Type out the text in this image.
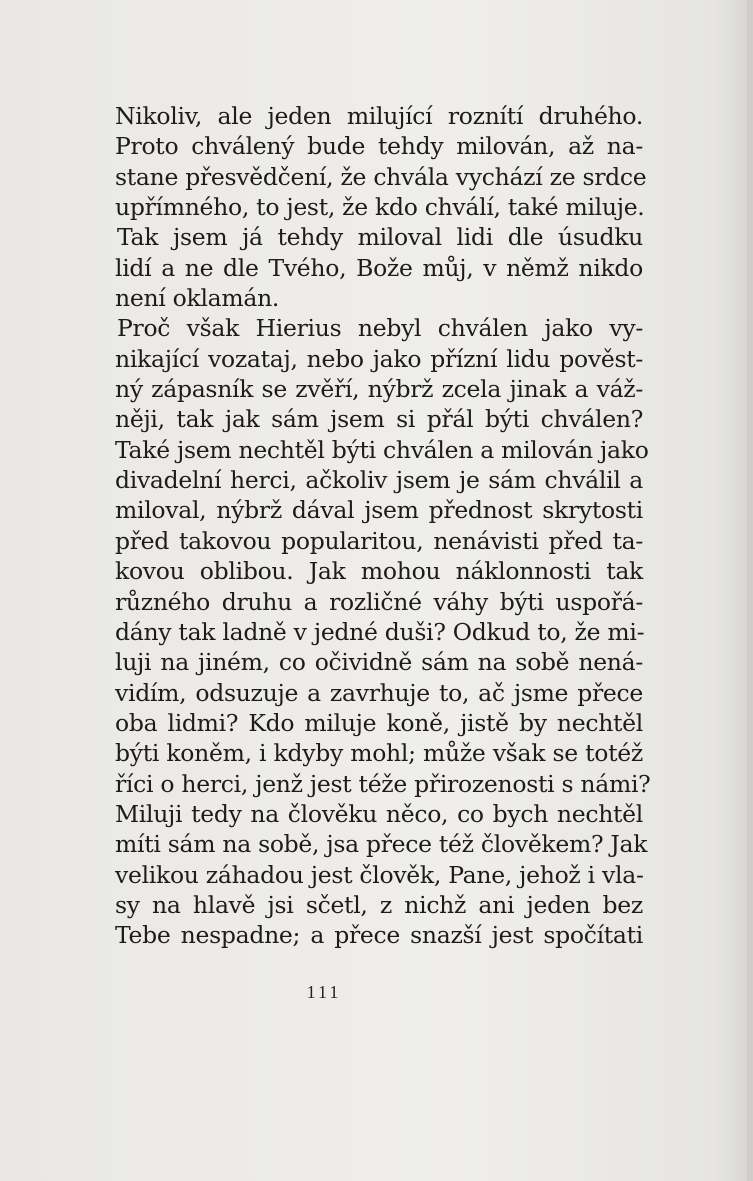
Nikoliv, ale jeden milující roznítí druhého.
Proto chválený bude tehdy milován, až na-
stane přesvědčení, že chvála vychází ze srdce
upřímného, to jest, že kdo chválí, také miluje.
Tak jsem já tehdy miloval lidi dle úsudku
lidí a ne dle Tvého, Bože můj, v němž nikdo
není oklamán.
Proč však Hierius nebyl chválen jako vy-
nikající vozataj, nebo jako přízní lidu pověst-
ný zápasník se zvěří, nýbrž zcela jinak a váž-
něji, tak jak sám jsem si přál býti chválen?
Také jsem nechtěl býti chválen a milován jako
divadelní herci, ačkoliv jsem je sám chválil a
miloval, nýbrž dával jsem přednost skrytosti
před takovou popularitou, nenávisti před ta-
kovou oblibou. Jak mohou náklonnosti tak
různého druhu a rozličné váhy býti uspořá-
dány tak ladně v jedné duši? Odkud to, že mi-
luji na jiném, co očividně sám na sobě nená-
vidím, odsuzuje a zavrhuje to, ač jsme přece
oba lidmi? Kdo miluje koně, jistě by nechtěl
býti koněm, i kdyby mohl; může však se totéž
říci o herci, jenž jest téže přirozenosti s námi?
Miluji tedy na člověku něco, co bych nechtěl
míti sám na sobě, jsa přece též člověkem? Jak
velikou záhadou jest člověk, Pane, jehož i vla-
sy na hlavě jsi sčetl, z nichž ani jeden bez
Tebe nespadne; a přece snazší jest spočítati
111
